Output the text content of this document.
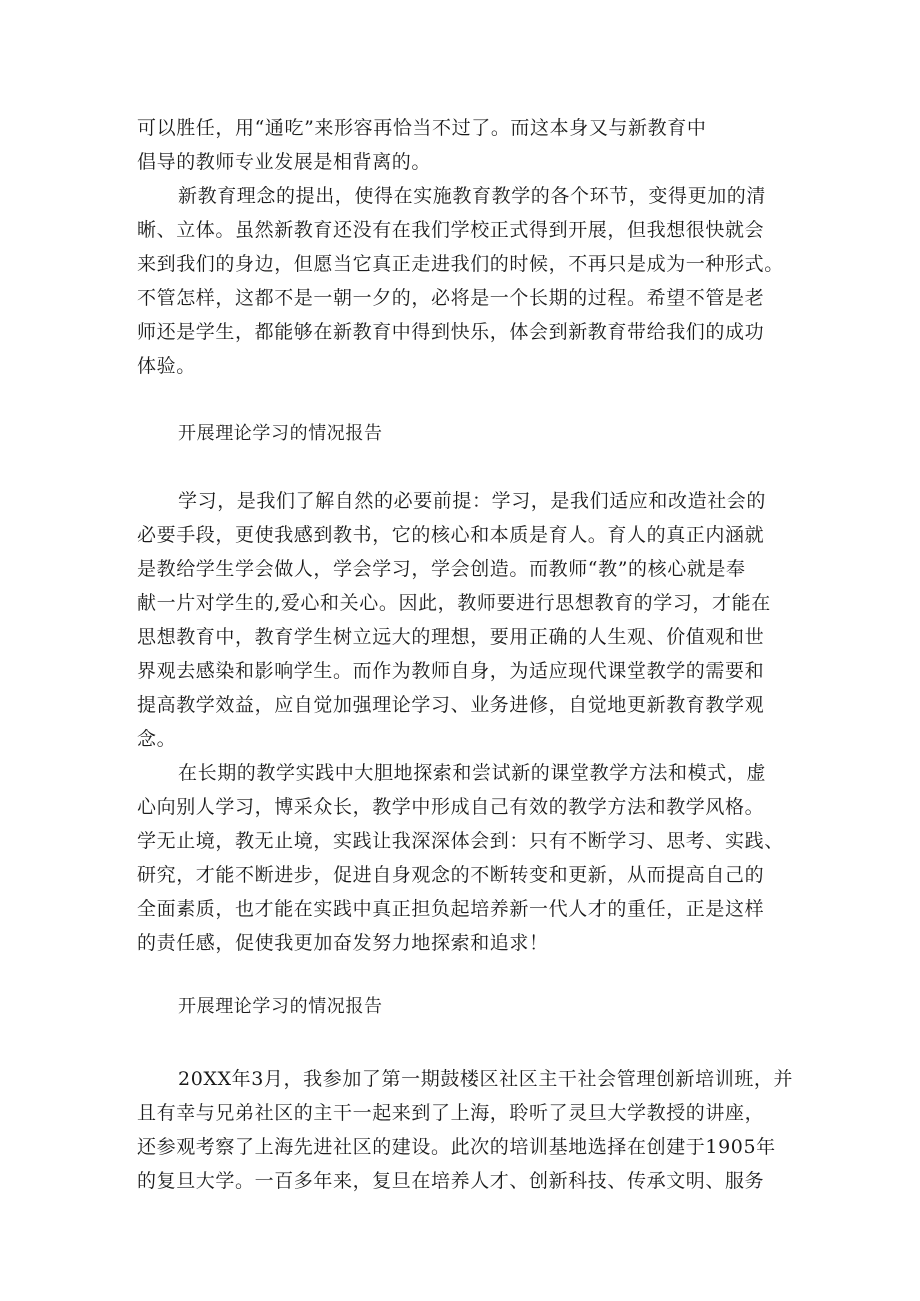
可以胜任，用“通吃”来形容再恰当不过了。而这本身又与新教育中
倡导的教师专业发展是相背离的。
新教育理念的提出，使得在实施教育教学的各个环节，变得更加的清
晰、立体。虽然新教育还没有在我们学校正式得到开展，但我想很快就会
来到我们的身边，但愿当它真正走进我们的时候，不再只是成为一种形式。
不管怎样，这都不是一朝一夕的，必将是一个长期的过程。希望不管是老
师还是学生，都能够在新教育中得到快乐，体会到新教育带给我们的成功
体验。
开展理论学习的情况报告
学习，是我们了解自然的必要前提：学习，是我们适应和改造社会的
必要手段，更使我感到教书，它的核心和本质是育人。育人的真正内涵就
是教给学生学会做人，学会学习，学会创造。而教师“教”的核心就是奉
献一片对学生的,爱心和关心。因此，教师要进行思想教育的学习，才能在
思想教育中，教育学生树立远大的理想，要用正确的人生观、价值观和世
界观去感染和影响学生。而作为教师自身，为适应现代课堂教学的需要和
提高教学效益，应自觉加强理论学习、业务进修，自觉地更新教育教学观
念。
在长期的教学实践中大胆地探索和尝试新的课堂教学方法和模式，虚
心向别人学习，博采众长，教学中形成自己有效的教学方法和教学风格。
学无止境，教无止境，实践让我深深体会到：只有不断学习、思考、实践、
研究，才能不断进步，促进自身观念的不断转变和更新，从而提高自己的
全面素质，也才能在实践中真正担负起培养新一代人才的重任，正是这样
的责任感，促使我更加奋发努力地探索和追求！
开展理论学习的情况报告
20XX年3月，我参加了第一期鼓楼区社区主干社会管理创新培训班，并
且有幸与兄弟社区的主干一起来到了上海，聆听了灵旦大学教授的讲座，
还参观考察了上海先进社区的建设。此次的培训基地选择在创建于1905年
的复旦大学。一百多年来，复旦在培养人才、创新科技、传承文明、服务
